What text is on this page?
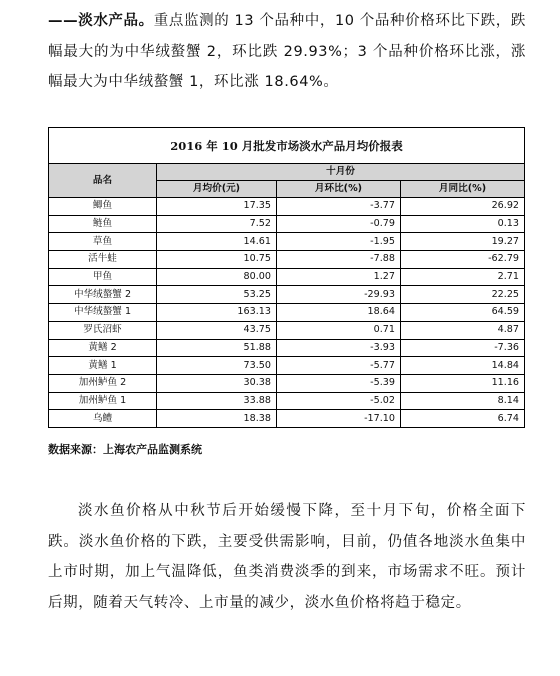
——淡水产品。重点监测的 13 个品种中，10 个品种价格环比下跌，跌幅最大的为中华绒螯蟹 2，环比跌 29.93%；3 个品种价格环比涨，涨幅最大为中华绒螯蟹 1，环比涨 18.64%。

2016 年 10 月批发市场淡水产品月均价报表			
品名	十月份		
	月均价(元)	月环比(%)	月同比(%)
鲫鱼	17.35	-3.77	26.92
鲢鱼	7.52	-0.79	0.13
草鱼	14.61	-1.95	19.27
活牛蛙	10.75	-7.88	-62.79
甲鱼	80.00	1.27	2.71
中华绒螯蟹 2	53.25	-29.93	22.25
中华绒螯蟹 1	163.13	18.64	64.59
罗氏沼虾	43.75	0.71	4.87
黄鳝 2	51.88	-3.93	-7.36
黄鳝 1	73.50	-5.77	14.84
加州鲈鱼 2	30.38	-5.39	11.16
加州鲈鱼 1	33.88	-5.02	8.14
乌鳢	18.38	-17.10	6.74

数据来源：上海农产品监测系统

淡水鱼价格从中秋节后开始缓慢下降，至十月下旬，价格全面下跌。淡水鱼价格的下跌，主要受供需影响，目前，仍值各地淡水鱼集中上市时期，加上气温降低，鱼类消费淡季的到来，市场需求不旺。预计后期，随着天气转冷、上市量的减少，淡水鱼价格将趋于稳定。
